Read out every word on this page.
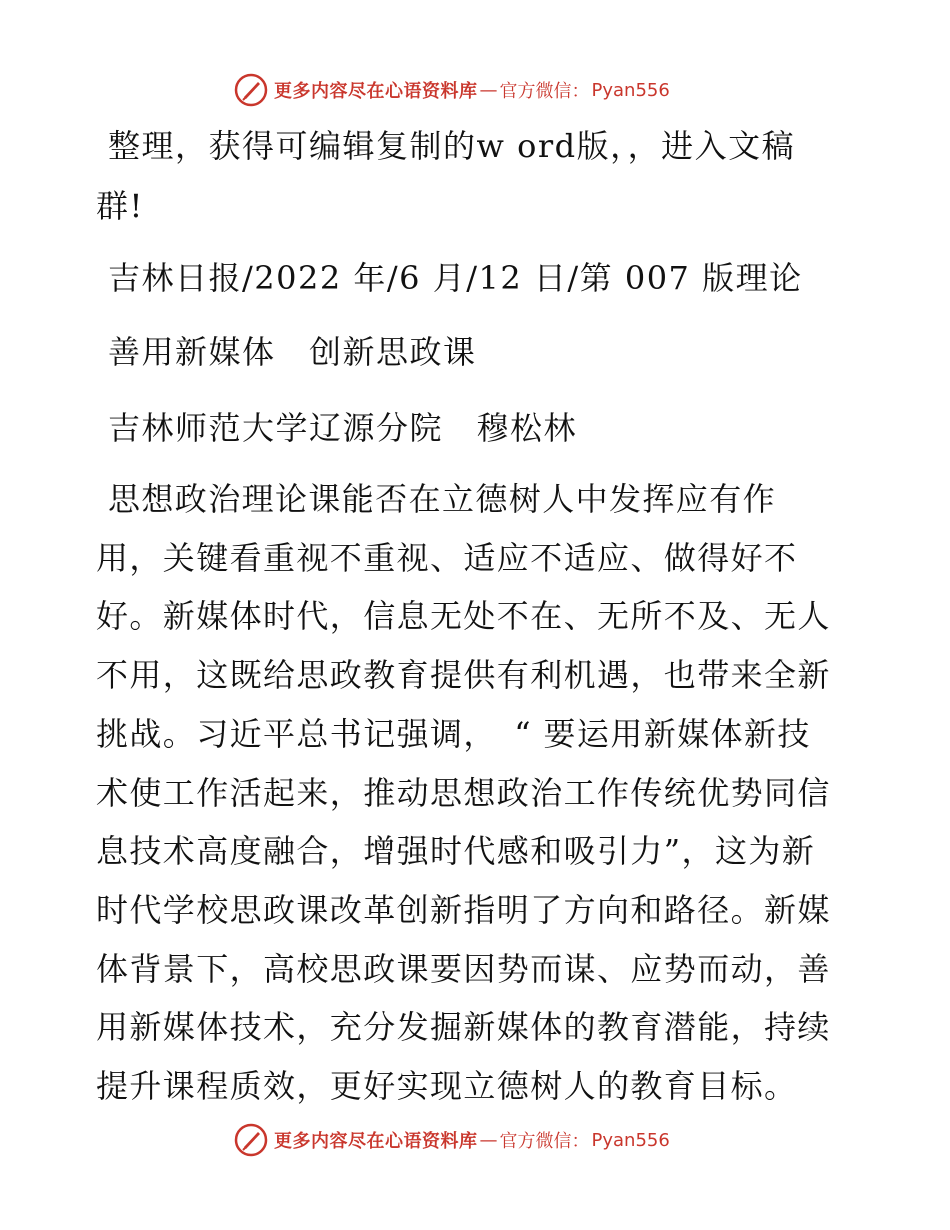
更多内容尽在心语资料库 — 官方微信： Pyan556
整理，获得可编辑复制的w ord版，，进入文稿
群!
吉林日报/2022 年/6 月/12 日/第 007 版理论
善用新媒体　创新思政课
吉林师范大学辽源分院　穆松林
思想政治理论课能否在立德树人中发挥应有作
用，关键看重视不重视、适应不适应、做得好不
好。新媒体时代，信息无处不在、无所不及、无人
不用，这既给思政教育提供有利机遇，也带来全新
挑战。习近平总书记强调，　“ 要运用新媒体新技
术使工作活起来，推动思想政治工作传统优势同信
息技术高度融合，增强时代感和吸引力”，这为新
时代学校思政课改革创新指明了方向和路径。新媒
体背景下，高校思政课要因势而谋、应势而动，善
用新媒体技术，充分发掘新媒体的教育潜能，持续
提升课程质效，更好实现立德树人的教育目标。
更多内容尽在心语资料库 — 官方微信： Pyan556
